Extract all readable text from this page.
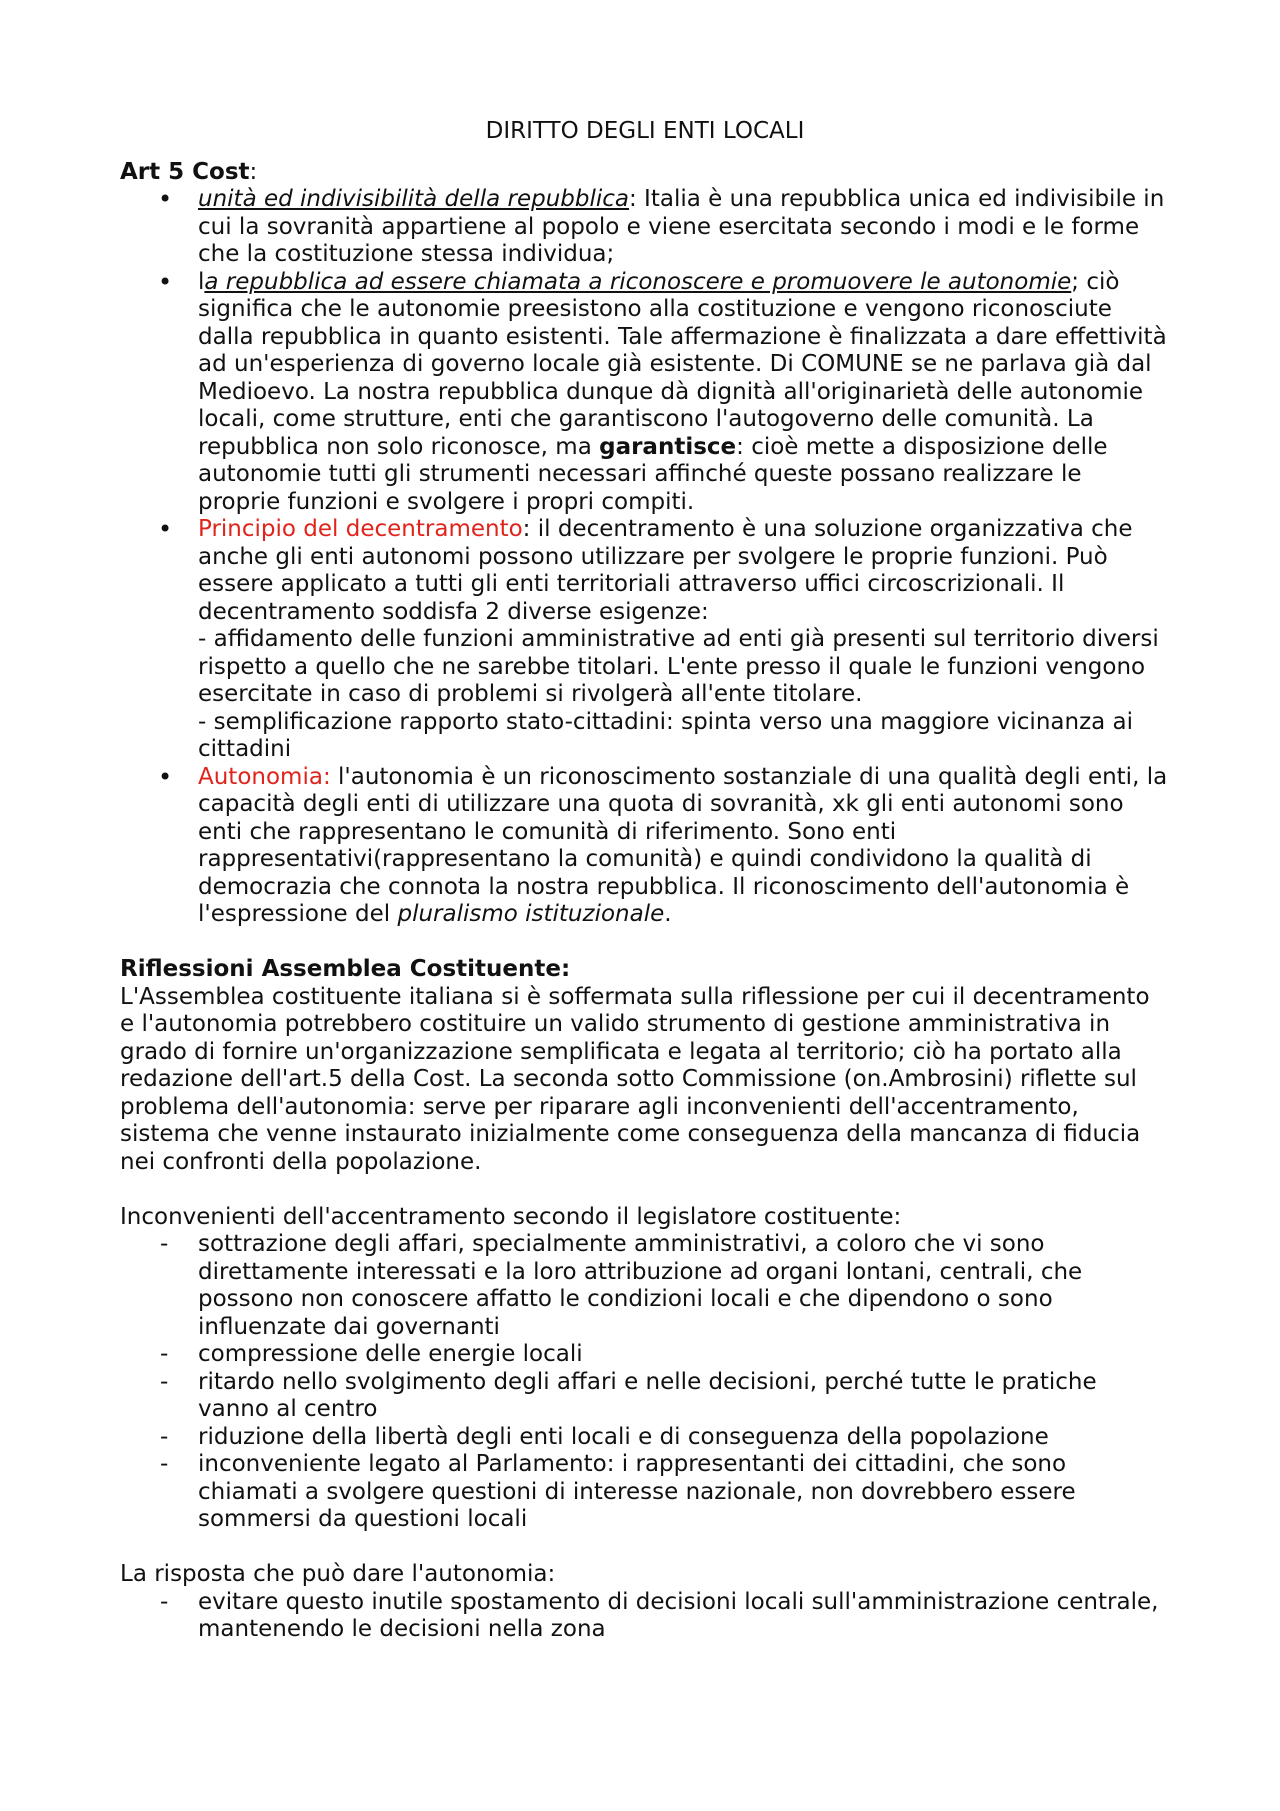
DIRITTO DEGLI ENTI LOCALI
Art 5 Cost:
• unità ed indivisibilità della repubblica: Italia è una repubblica unica ed indivisibile in cui la sovranità appartiene al popolo e viene esercitata secondo i modi e le forme che la costituzione stessa individua;
• la repubblica ad essere chiamata a riconoscere e promuovere le autonomie; ciò significa che le autonomie preesistono alla costituzione e vengono riconosciute dalla repubblica in quanto esistenti. Tale affermazione è finalizzata a dare effettività ad un'esperienza di governo locale già esistente. Di COMUNE se ne parlava già dal Medioevo. La nostra repubblica dunque dà dignità all'originarietà delle autonomie locali, come strutture, enti che garantiscono l'autogoverno delle comunità. La repubblica non solo riconosce, ma garantisce: cioè mette a disposizione delle autonomie tutti gli strumenti necessari affinché queste possano realizzare le proprie funzioni e svolgere i propri compiti.
• Principio del decentramento: il decentramento è una soluzione organizzativa che anche gli enti autonomi possono utilizzare per svolgere le proprie funzioni. Può essere applicato a tutti gli enti territoriali attraverso uffici circoscrizionali. Il decentramento soddisfa 2 diverse esigenze:
- affidamento delle funzioni amministrative ad enti già presenti sul territorio diversi rispetto a quello che ne sarebbe titolari. L'ente presso il quale le funzioni vengono esercitate in caso di problemi si rivolgerà all'ente titolare.
- semplificazione rapporto stato-cittadini: spinta verso una maggiore vicinanza ai cittadini
• Autonomia: l'autonomia è un riconoscimento sostanziale di una qualità degli enti, la capacità degli enti di utilizzare una quota di sovranità, xk gli enti autonomi sono enti che rappresentano le comunità di riferimento. Sono enti rappresentativi(rappresentano la comunità) e quindi condividono la qualità di democrazia che connota la nostra repubblica. Il riconoscimento dell'autonomia è l'espressione del pluralismo istituzionale.
Riflessioni Assemblea Costituente:

L'Assemblea costituente italiana si è soffermata sulla riflessione per cui il decentramento e l'autonomia potrebbero costituire un valido strumento di gestione amministrativa in grado di fornire un'organizzazione semplificata e legata al territorio; ciò ha portato alla redazione dell'art.5 della Cost. La seconda sotto Commissione (on.Ambrosini) riflette sul problema dell'autonomia: serve per riparare agli inconvenienti dell'accentramento, sistema che venne instaurato inizialmente come conseguenza della mancanza di fiducia nei confronti della popolazione.

Inconvenienti dell'accentramento secondo il legislatore costituente:

- sottrazione degli affari, specialmente amministrativi, a coloro che vi sono direttamente interessati e la loro attribuzione ad organi lontani, centrali, che possono non conoscere affatto le condizioni locali e che dipendono o sono influenzate dai governanti
- compressione delle energie locali
- ritardo nello svolgimento degli affari e nelle decisioni, perché tutte le pratiche vanno al centro
- riduzione della libertà degli enti locali e di conseguenza della popolazione
- inconveniente legato al Parlamento: i rappresentanti dei cittadini, che sono chiamati a svolgere questioni di interesse nazionale, non dovrebbero essere sommersi da questioni locali

La risposta che può dare l'autonomia:

- evitare questo inutile spostamento di decisioni locali sull'amministrazione centrale, mantenendo le decisioni nella zona
